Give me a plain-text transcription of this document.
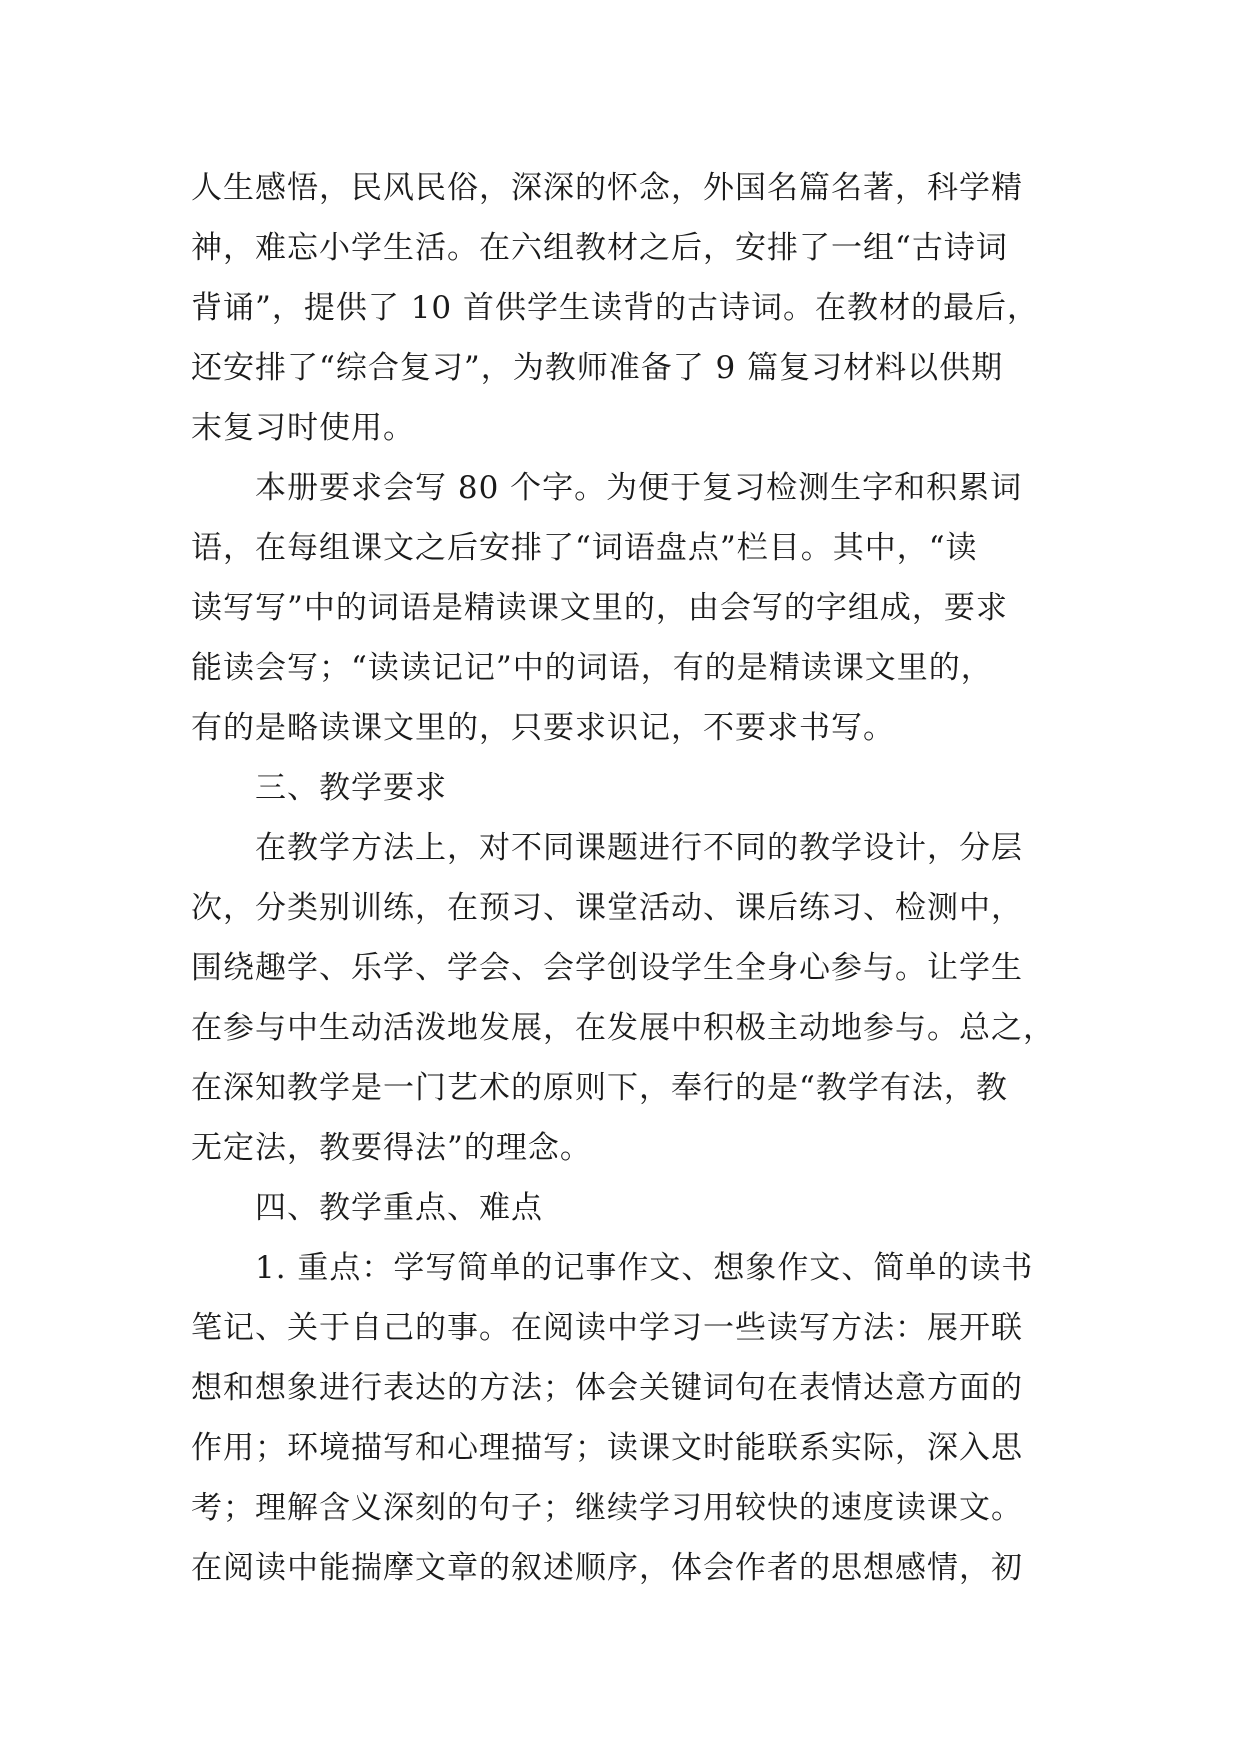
人生感悟，民风民俗，深深的怀念，外国名篇名著，科学精
神，难忘小学生活。在六组教材之后，安排了一组“古诗词
背诵”，提供了 10 首供学生读背的古诗词。在教材的最后，
还安排了“综合复习”，为教师准备了 9 篇复习材料以供期
末复习时使用。
本册要求会写 80 个字。为便于复习检测生字和积累词
语，在每组课文之后安排了“词语盘点”栏目。其中，“读
读写写”中的词语是精读课文里的，由会写的字组成，要求
能读会写；“读读记记”中的词语，有的是精读课文里的，
有的是略读课文里的，只要求识记，不要求书写。
三、教学要求
在教学方法上，对不同课题进行不同的教学设计，分层
次，分类别训练，在预习、课堂活动、课后练习、检测中，
围绕趣学、乐学、学会、会学创设学生全身心参与。让学生
在参与中生动活泼地发展，在发展中积极主动地参与。总之，
在深知教学是一门艺术的原则下，奉行的是“教学有法，教
无定法，教要得法”的理念。
四、教学重点、难点
1. 重点：学写简单的记事作文、想象作文、简单的读书
笔记、关于自己的事。在阅读中学习一些读写方法：展开联
想和想象进行表达的方法；体会关键词句在表情达意方面的
作用；环境描写和心理描写；读课文时能联系实际，深入思
考；理解含义深刻的句子；继续学习用较快的速度读课文。
在阅读中能揣摩文章的叙述顺序，体会作者的思想感情，初
